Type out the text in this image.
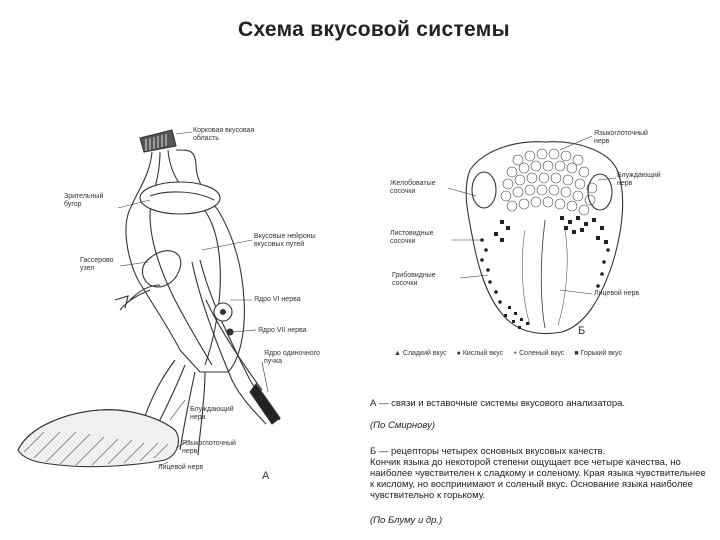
Схема вкусовой системы
Корковая вкусовая
область
Зрительный
бугор
Гассерово
узел
Вкусовые нейроны
вкусовых путей
Ядро VI нерва
Ядро VII нерва
Ядро одиночного
пучка
Блуждающий
нерв
Языкоглоточный
нерв
Лицевой нерв
А
Языкоглоточный
нерв
Блуждающий
нерв
Желобоватые
сосочки
Листовидные
сосочки
Грибовидные
сосочки
Лицевой нерв
Б
▲ Сладкий вкус ● Кислый вкус + Соленый вкус ■ Горький вкус
А — связи и вставочные системы вкусового анализатора.
(По Смирнову)
Б — рецепторы четырех основных вкусовых качеств.
Кончик языка до некоторой степени ощущает все четыре качества, но наиболее чувствителен к сладкому и соленому. Края языка чувствительнее к кислому, но воспринимают и соленый вкус. Основание языка наиболее чувствительно к горькому.
(По Блуму и др.)
